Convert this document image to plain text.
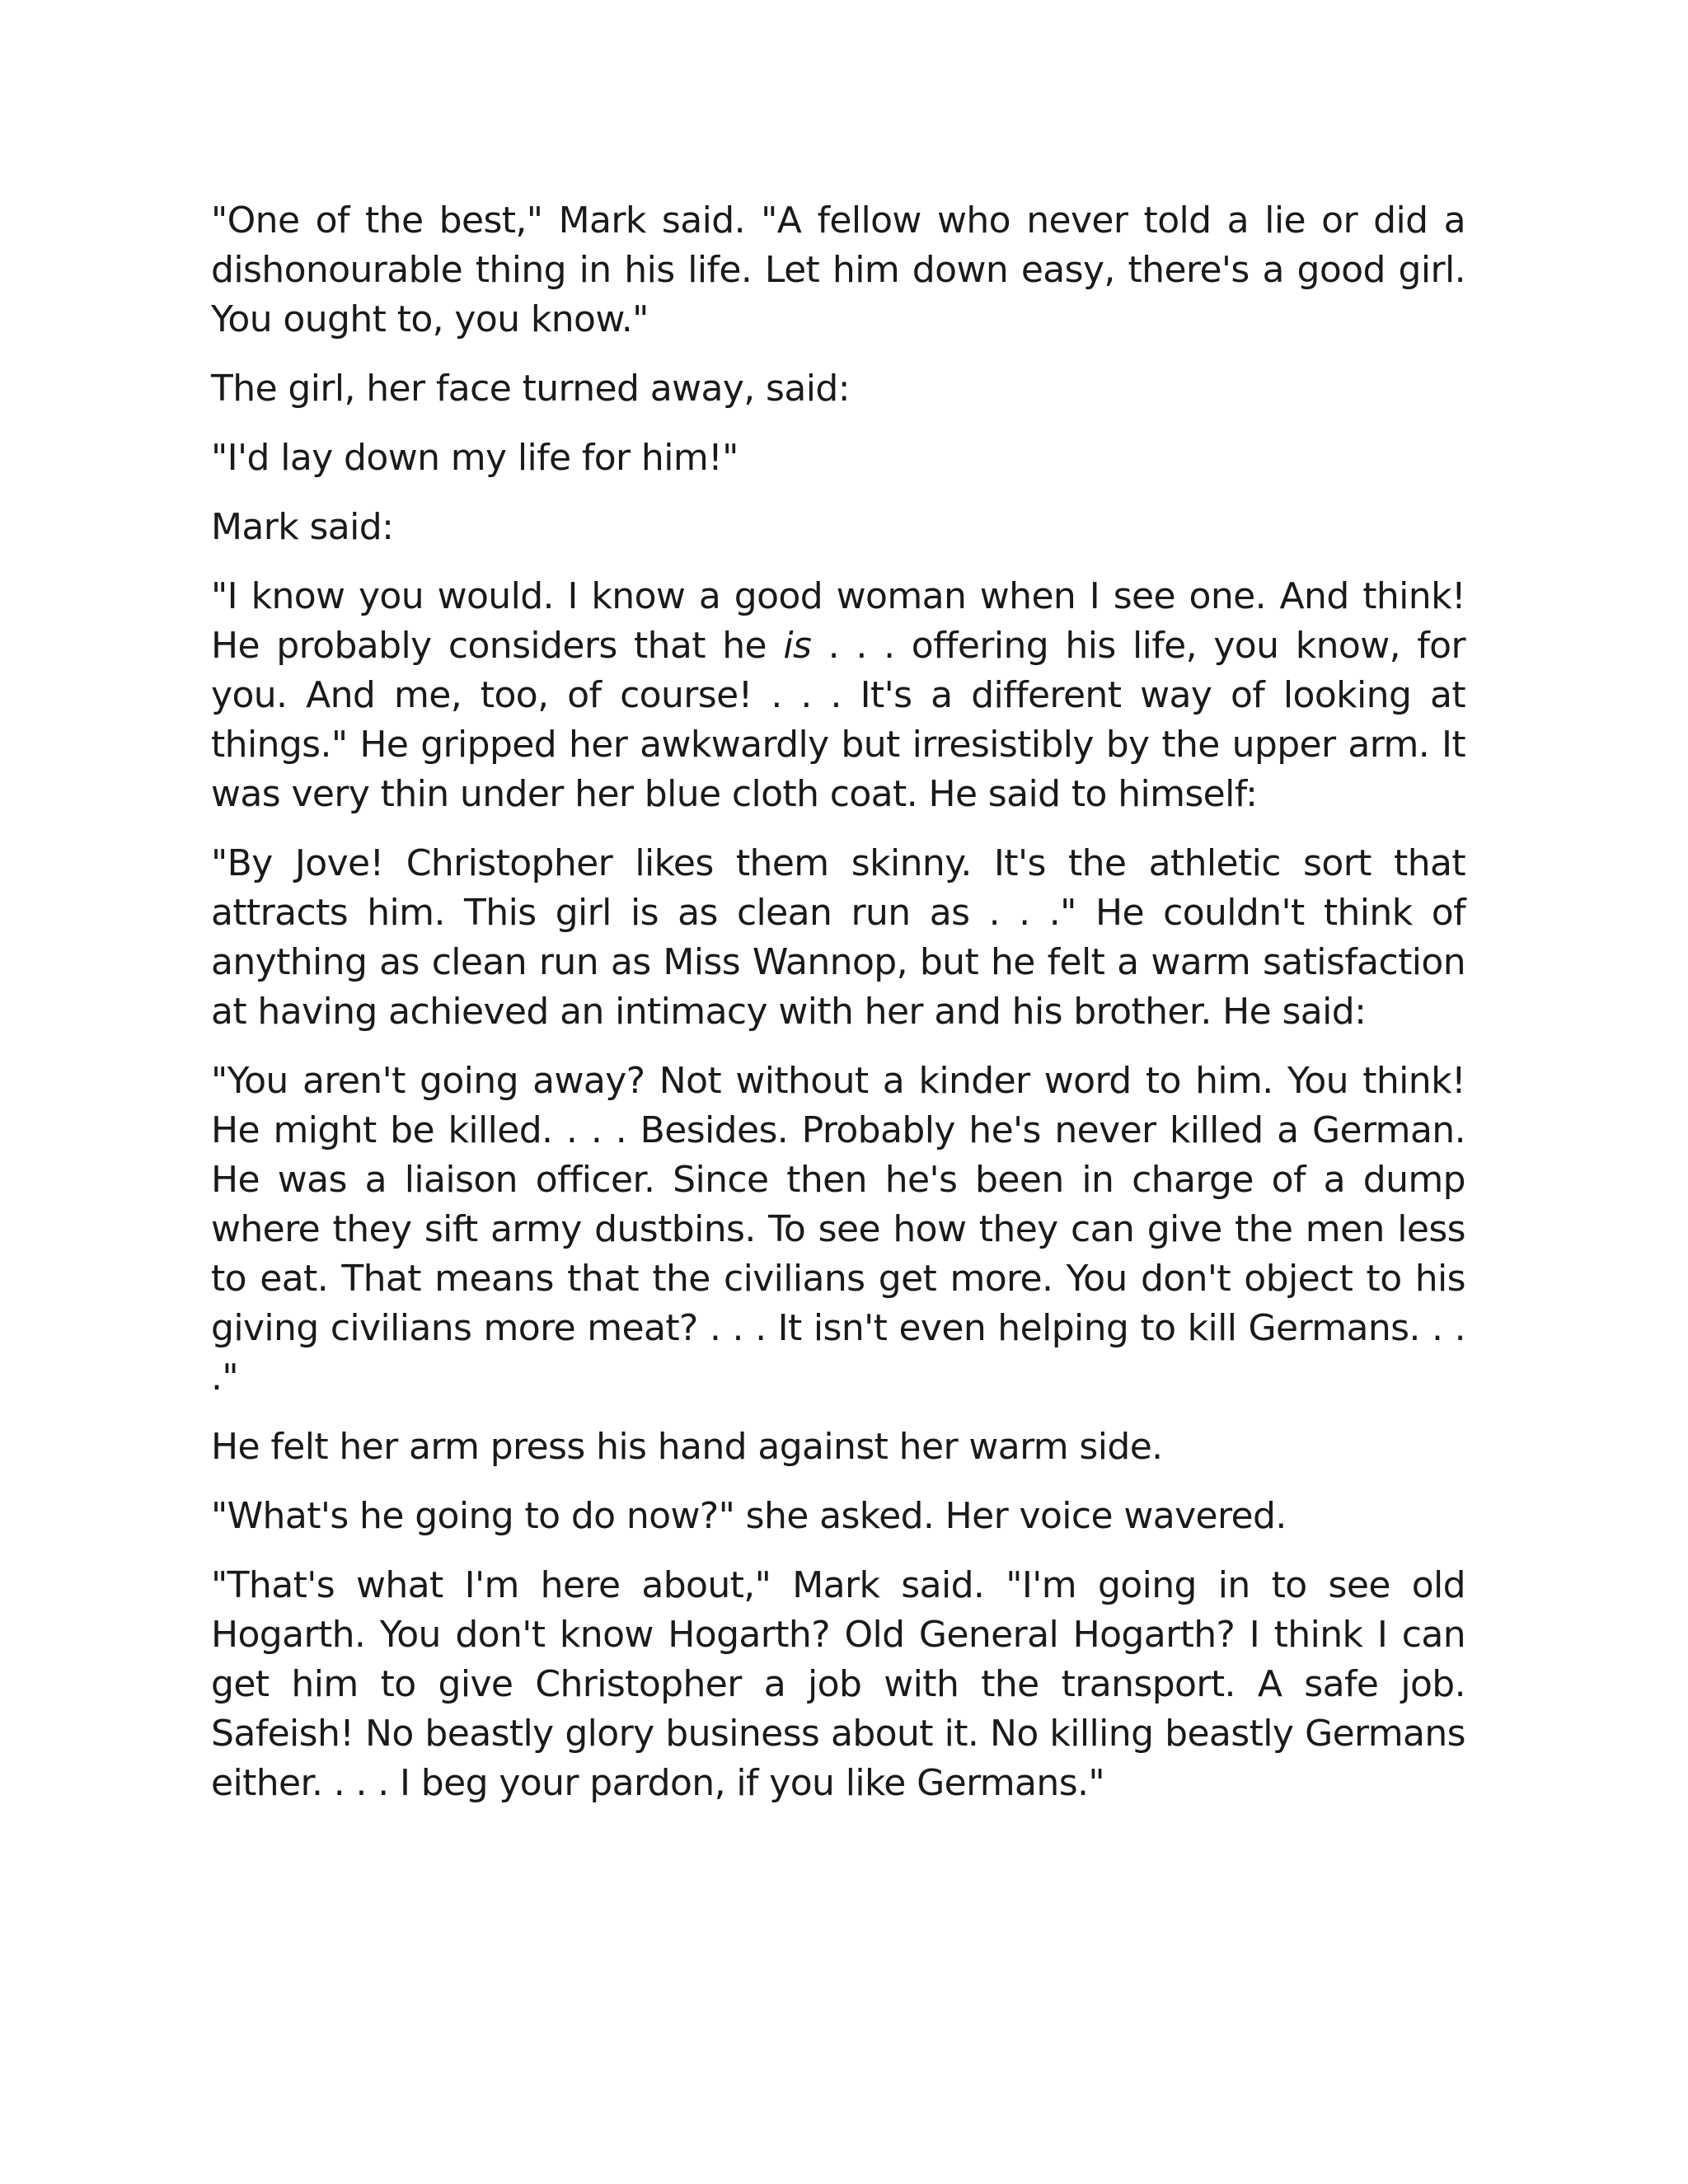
"One of the best," Mark said. "A fellow who never told a lie or did a dishonourable thing in his life. Let him down easy, there's a good girl. You ought to, you know."

The girl, her face turned away, said:

"I'd lay down my life for him!"

Mark said:

"I know you would. I know a good woman when I see one. And think! He probably considers that he is . . . offering his life, you know, for you. And me, too, of course! . . . It's a different way of looking at things." He gripped her awkwardly but irresistibly by the upper arm. It was very thin under her blue cloth coat. He said to himself:

"By Jove! Christopher likes them skinny. It's the athletic sort that attracts him. This girl is as clean run as . . ." He couldn't think of anything as clean run as Miss Wannop, but he felt a warm satisfaction at having achieved an intimacy with her and his brother. He said:

"You aren't going away? Not without a kinder word to him. You think! He might be killed. . . . Besides. Probably he's never killed a German. He was a liaison officer. Since then he's been in charge of a dump where they sift army dustbins. To see how they can give the men less to eat. That means that the civilians get more. You don't object to his giving civilians more meat? . . . It isn't even helping to kill Germans. . . ."

He felt her arm press his hand against her warm side.

"What's he going to do now?" she asked. Her voice wavered.

"That's what I'm here about," Mark said. "I'm going in to see old Hogarth. You don't know Hogarth? Old General Hogarth? I think I can get him to give Christopher a job with the transport. A safe job. Safeish! No beastly glory business about it. No killing beastly Germans either. . . . I beg your pardon, if you like Germans."
